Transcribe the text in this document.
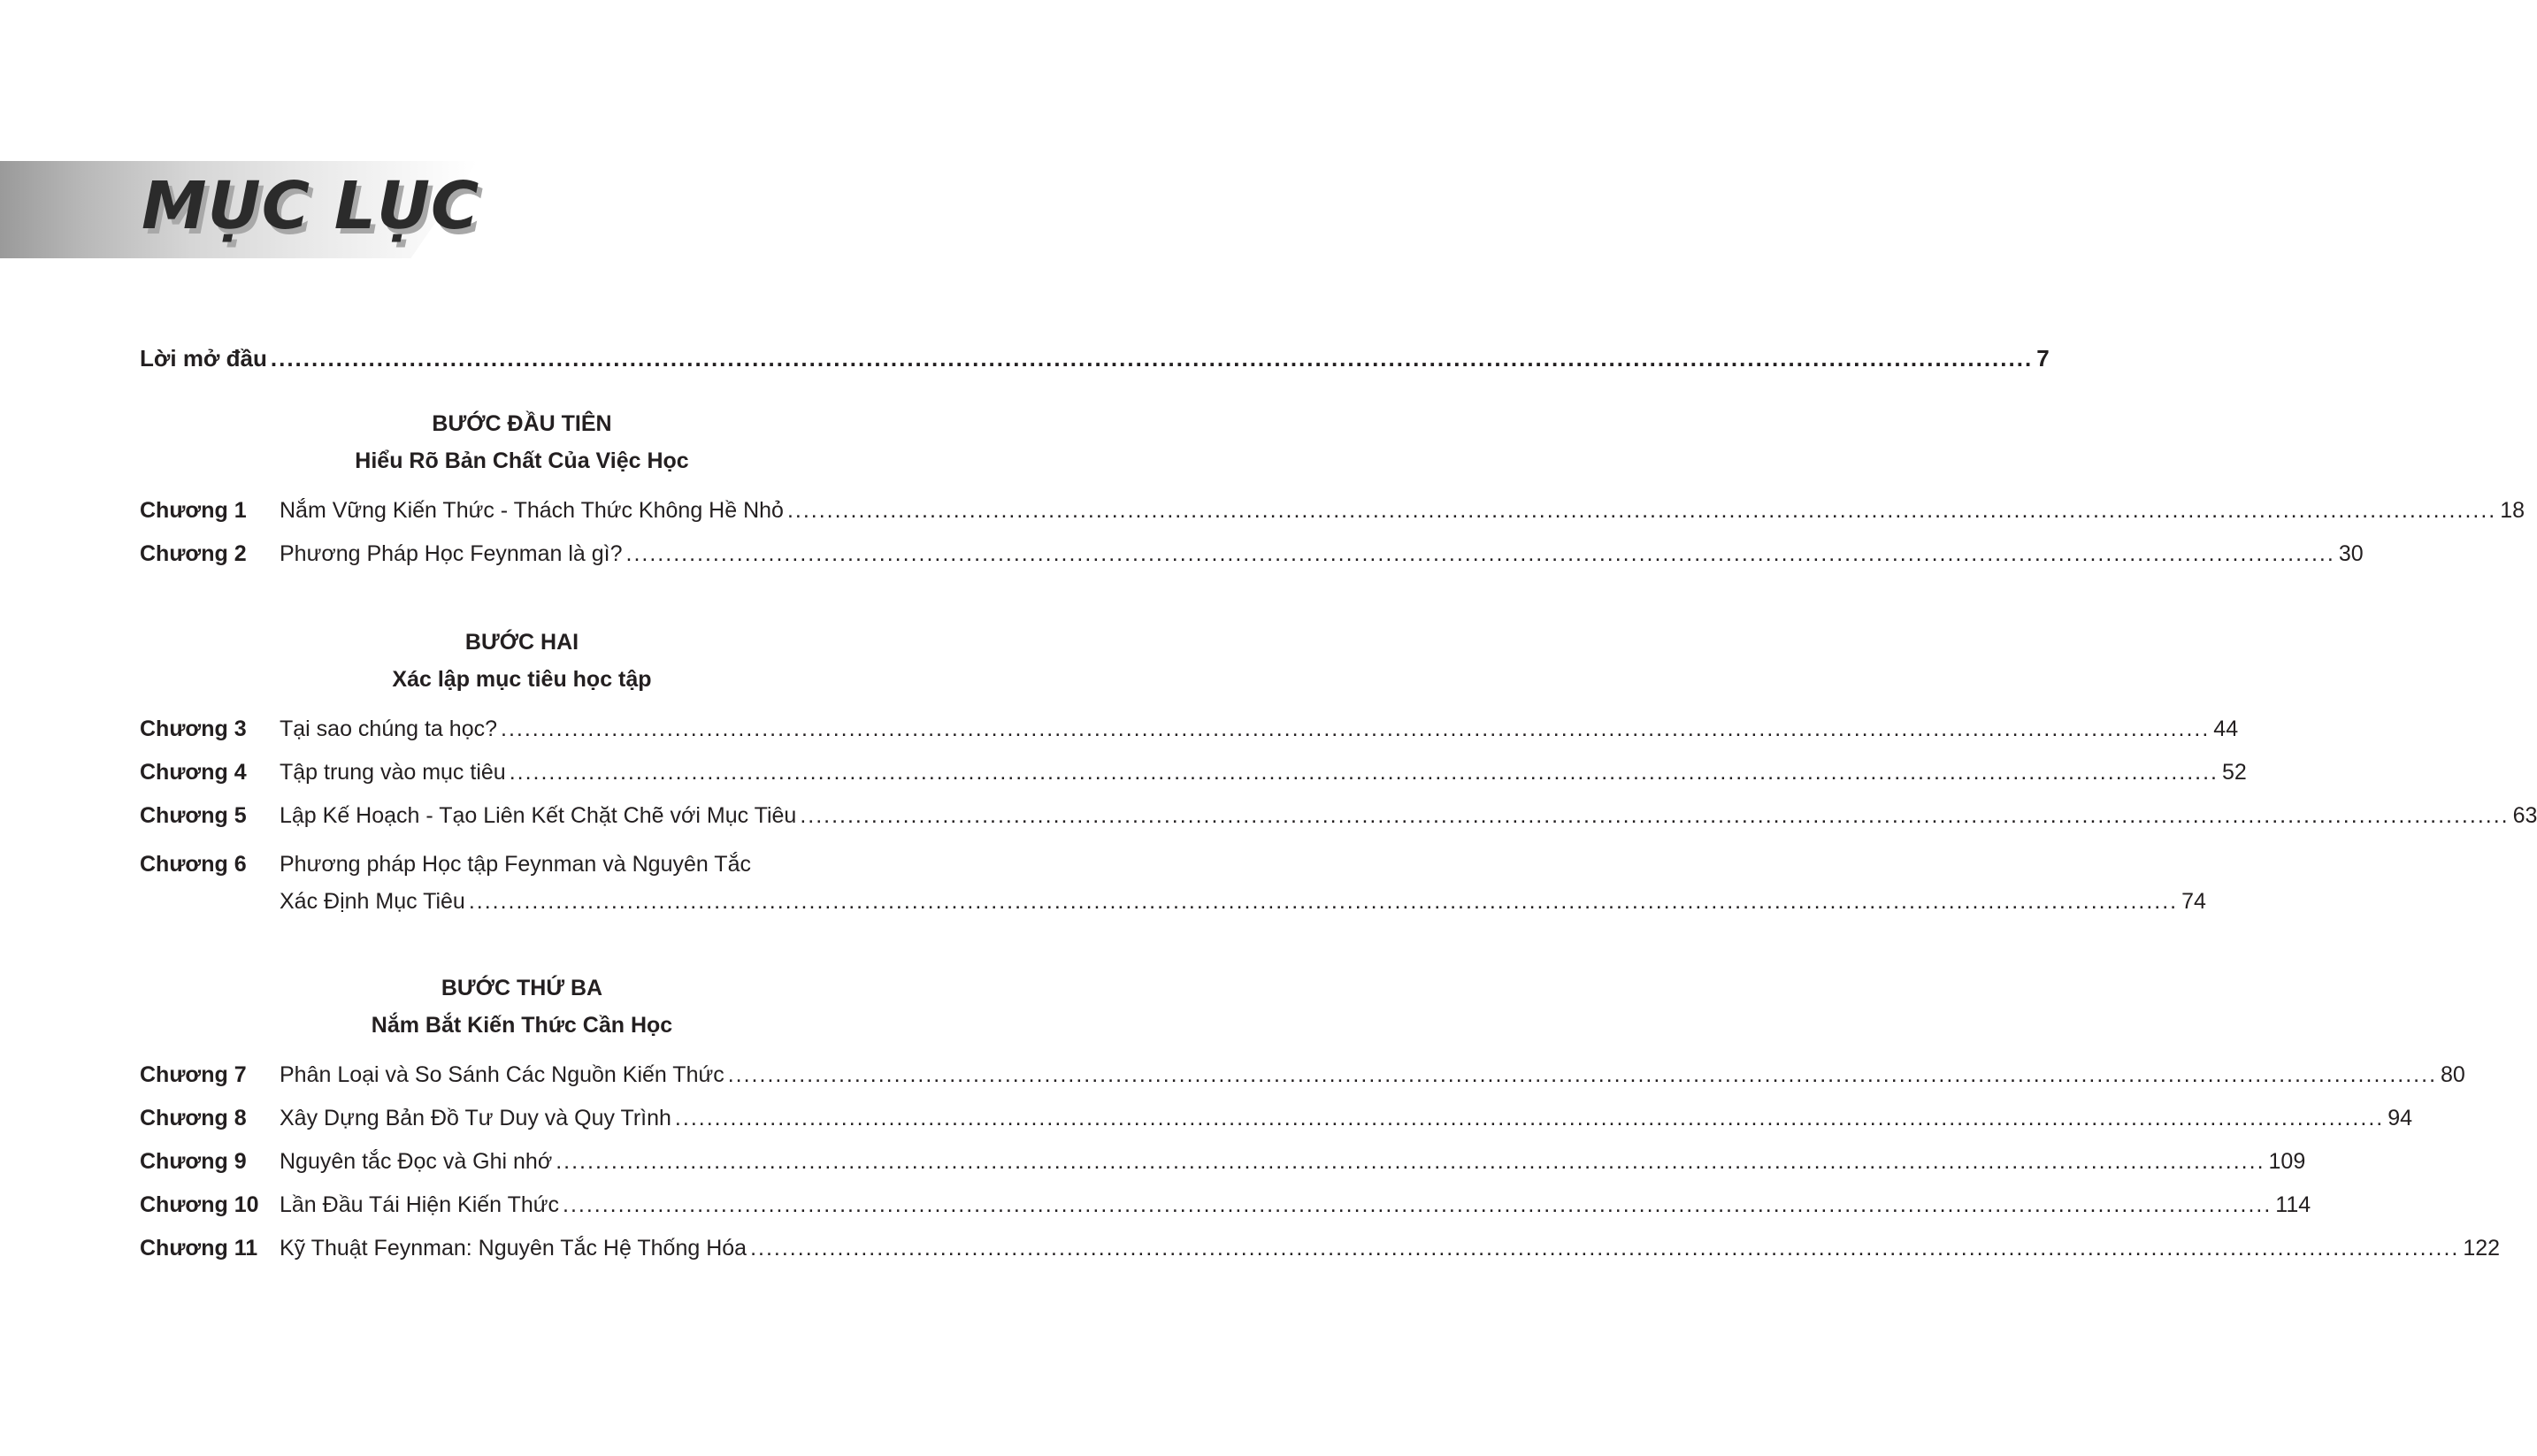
MỤC LỤC
Lời mở đầu .....	7
BƯỚC ĐẦU TIÊN
Hiểu Rõ Bản Chất Của Việc Học
Chương 1	Nắm Vững Kiến Thức - Thách Thức Không Hề Nhỏ .....	18
Chương 2	Phương Pháp Học Feynman là gì? .....	30
BƯỚC HAI
Xác lập mục tiêu học tập
Chương 3	Tại sao chúng ta học? .....	44
Chương 4	Tập trung vào mục tiêu .....	52
Chương 5	Lập Kế Hoạch - Tạo Liên Kết Chặt Chẽ với Mục Tiêu .....	63
Chương 6	Phương pháp Học tập Feynman và Nguyên Tắc
Xác Định Mục Tiêu .....	74
BƯỚC THỨ BA
Nắm Bắt Kiến Thức Cần Học
Chương 7	Phân Loại và So Sánh Các Nguồn Kiến Thức .....	80
Chương 8	Xây Dựng Bản Đồ Tư Duy và Quy Trình .....	94
Chương 9	Nguyên tắc Đọc và Ghi nhớ .....	109
Chương 10 Lần Đầu Tái Hiện Kiến Thức .....	114
Chương 11 Kỹ Thuật Feynman: Nguyên Tắc Hệ Thống Hóa .....	122
